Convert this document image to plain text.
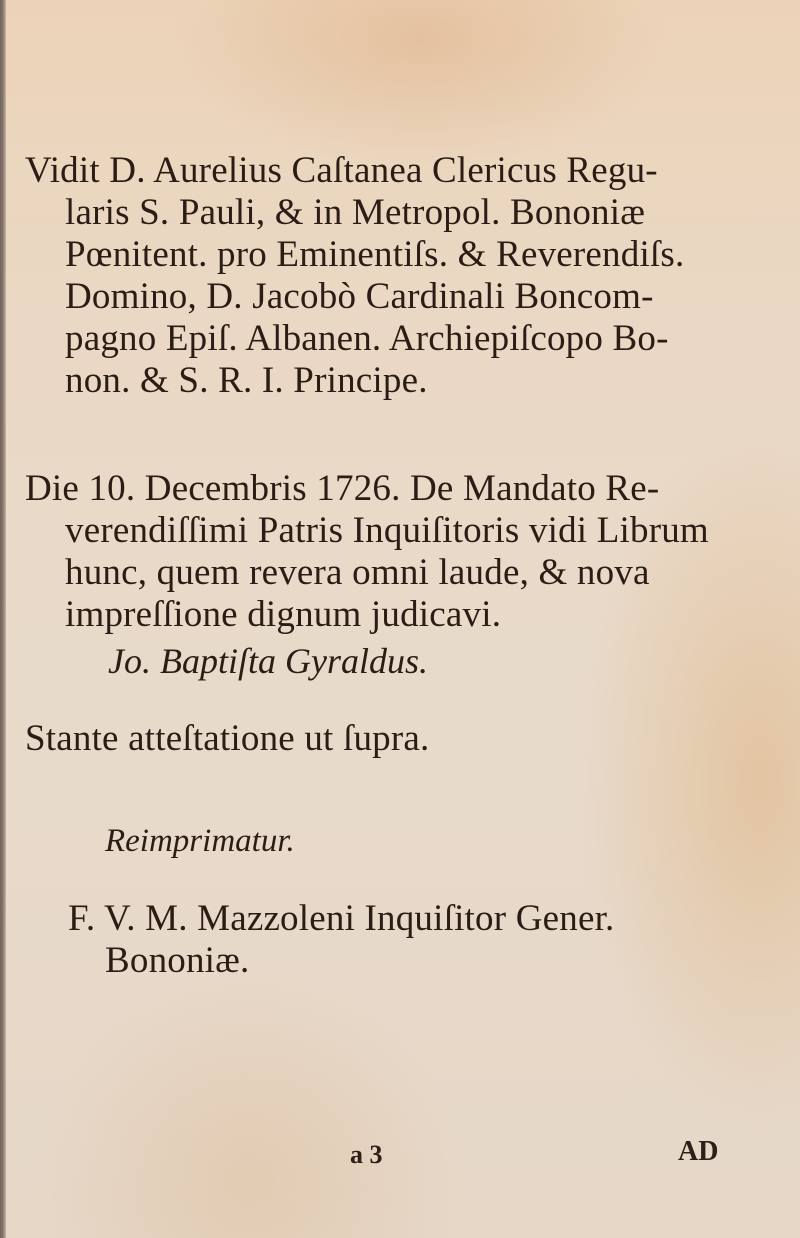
Vidit D. Aurelius Caſtanea Clericus Regu-
laris S. Pauli, & in Metropol. Bononiæ
Pœnitent. pro Eminentiſs. & Reverendiſs.
Domino, D. Jacobò Cardinali Boncom-
pagno Epiſ. Albanen. Archiepiſcopo Bo-
non. & S. R. I. Principe.
Die 10. Decembris 1726. De Mandato Re-
verendiſſimi Patris Inquiſitoris vidi Librum
hunc, quem revera omni laude, & nova
impreſſione dignum judicavi.
Jo. Baptiſta Gyraldus.
Stante atteſtatione ut ſupra.
Reimprimatur.
F. V. M. Mazzoleni Inquiſitor Gener.
Bononiæ.
a 3	AD
